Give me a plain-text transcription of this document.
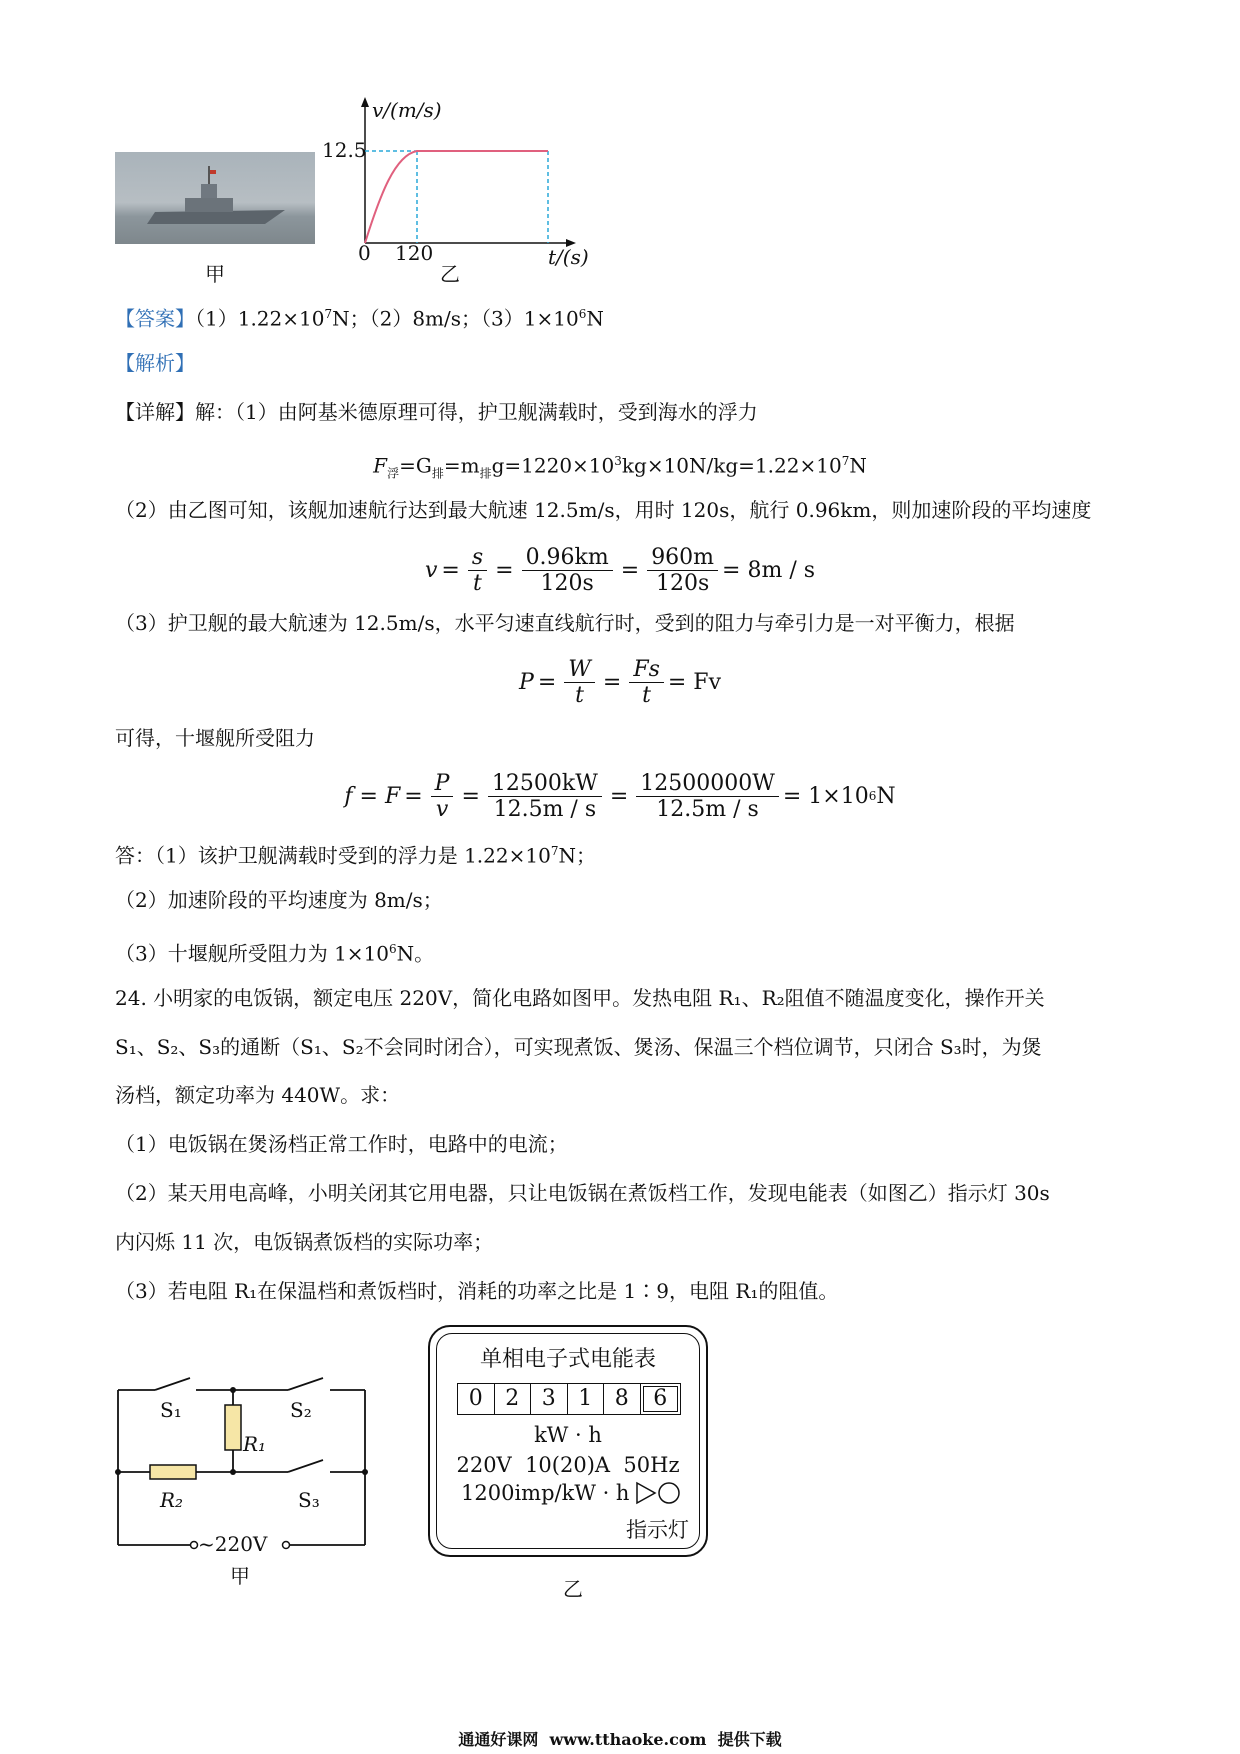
甲
v/(m/s)
12.5
0 120	t/(s)
乙
【答案】$(1)1.22\times 10^7N$；（2）8m/s；$(3)1\times 10^6N$
【解析】
【详解】解：（1）由阿基米德原理可得，护卫舰满载时，受到海水的浮力
$F_浮=G_排=m_排g=1220\times 10^3kg\times 10N/kg=1.22\times 10^7N$
（2）由乙图可知，该舰加速航行达到最大航速 12.5m/s，用时 120s，航行 0.96km，则加速阶段的平均速度
$v = \frac{s}{t} = \frac{0.96km}{120s} = \frac{960m}{120s} = 8m / s$
（3）护卫舰的最大航速为 12.5m/s，水平匀速直线航行时，受到的阻力与牵引力是一对平衡力，根据
$P = \frac{W}{t} = \frac{Fs}{t} = Fv$
可得，十堰舰所受阻力
$f = F = \frac{P}{v} = \frac{12500kW}{12.5m / s} = \frac{12500000W}{12.5m / s} = 1\times 10$ 6 N
答：（1）该护卫舰满载时受到的浮力是 $1.22\times 10^7N$；
（2）加速阶段的平均速度为 8m/s；
（3）十堰舰所受阻力为 $1\times 10^6N$。
24. 小明家的电饭锅，额定电压 220V，简化电路如图甲。发热电阻 R₁、R₂阻值不随温度变化，操作开关
S₁、S₂、S₃的通断（S₁、S₂不会同时闭合），可实现煮饭、煲汤、保温三个档位调节，只闭合 S₃时，为煲
汤档，额定功率为 440W。求：
（1）电饭锅在煲汤档正常工作时，电路中的电流；
（2）某天用电高峰，小明关闭其它用电器，只让电饭锅在煮饭档工作，发现电能表（如图乙）指示灯 30s
内闪烁 11 次，电饭锅煮饭档的实际功率；
（3）若电阻 R₁在保温档和煮饭档时，消耗的功率之比是 1∶9，电阻 R₁的阻值。
S₁	S₂
R₁
R₂	S₃
~220V
甲
单相电子式电能表
0	2	3	1	8	6
kW · h
220V  10(20)A  50Hz
1200imp/kW · h
指示灯
乙
通通好课网  www.tthaoke.com  提供下载
